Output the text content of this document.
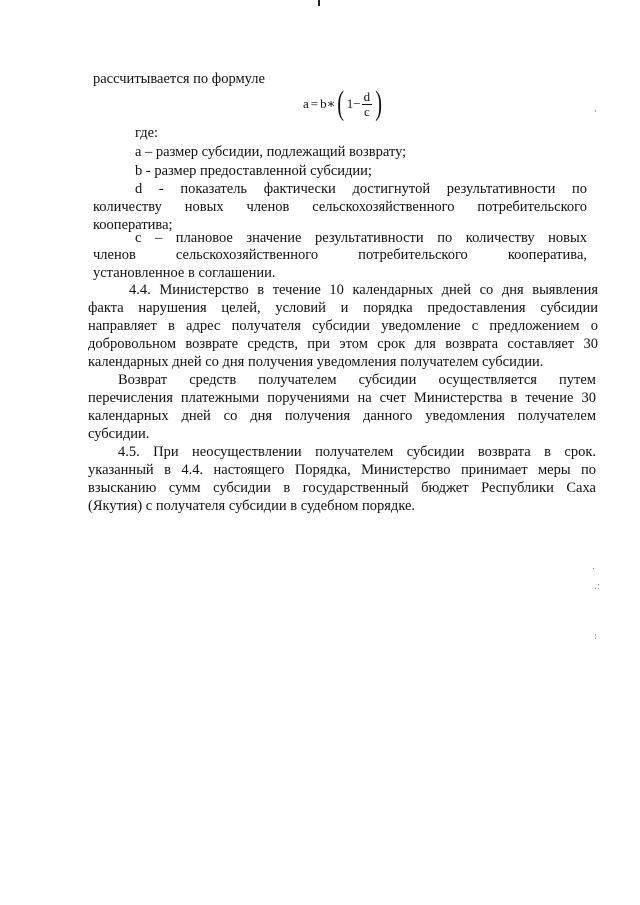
рассчитывается по формуле
a = b ∗ ( $1 - \frac{d}{c}$ )
где:
a – размер субсидии, подлежащий возврату;
b - размер предоставленной субсидии;
d - показатель фактически достигнутой результативности по
количеству новых членов сельскохозяйственного потребительского
кооператива;
с – плановое значение результативности по количеству новых
членов сельскохозяйственного потребительского кооператива,
установленное в соглашении.
4.4. Министерство в течение 10 календарных дней со дня выявления
факта нарушения целей, условий и порядка предоставления субсидии
направляет в адрес получателя субсидии уведомление с предложением о
добровольном возврате средств, при этом срок для возврата составляет 30
календарных дней со дня получения уведомления получателем субсидии.
Возврат средств получателем субсидии осуществляется путем
перечисления платежными поручениями на счет Министерства в течение 30
календарных дней со дня получения данного уведомления получателем
субсидии.
4.5. При неосуществлении получателем субсидии возврата в срок.
указанный в 4.4. настоящего Порядка, Министерство принимает меры по
взысканию сумм субсидии в государственный бюджет Республики Саха
(Якутия) с получателя субсидии в судебном порядке.
,
.
.:
:
